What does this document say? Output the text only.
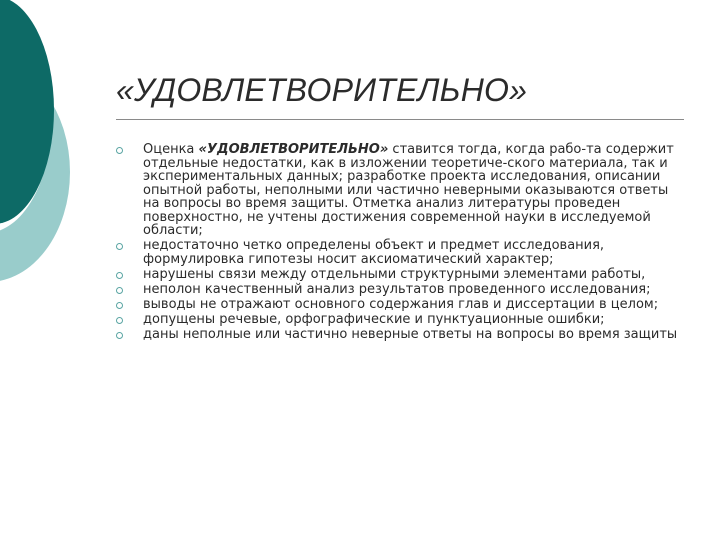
«УДОВЛЕТВОРИТЕЛЬНО»
Оценка «УДОВЛЕТВОРИТЕЛЬНО» ставится тогда, когда рабо-та содержит отдельные недостатки, как в изложении теоретиче-ского материала, так и экспериментальных данных; разработке проекта исследования, описании опытной работы, неполными или частично неверными оказываются ответы на вопросы во время защиты. Отметка анализ литературы проведен поверхностно, не учтены достижения современной науки в исследуемой области;
недостаточно четко определены объект и предмет исследования, формулировка гипотезы носит аксиоматический характер;
нарушены связи между отдельными структурными элементами работы,
неполон качественный анализ результатов проведенного исследования;
выводы не отражают основного содержания глав и диссертации в целом;
допущены речевые, орфографические и пунктуационные ошибки;
даны неполные или частично неверные ответы на вопросы во время защиты
